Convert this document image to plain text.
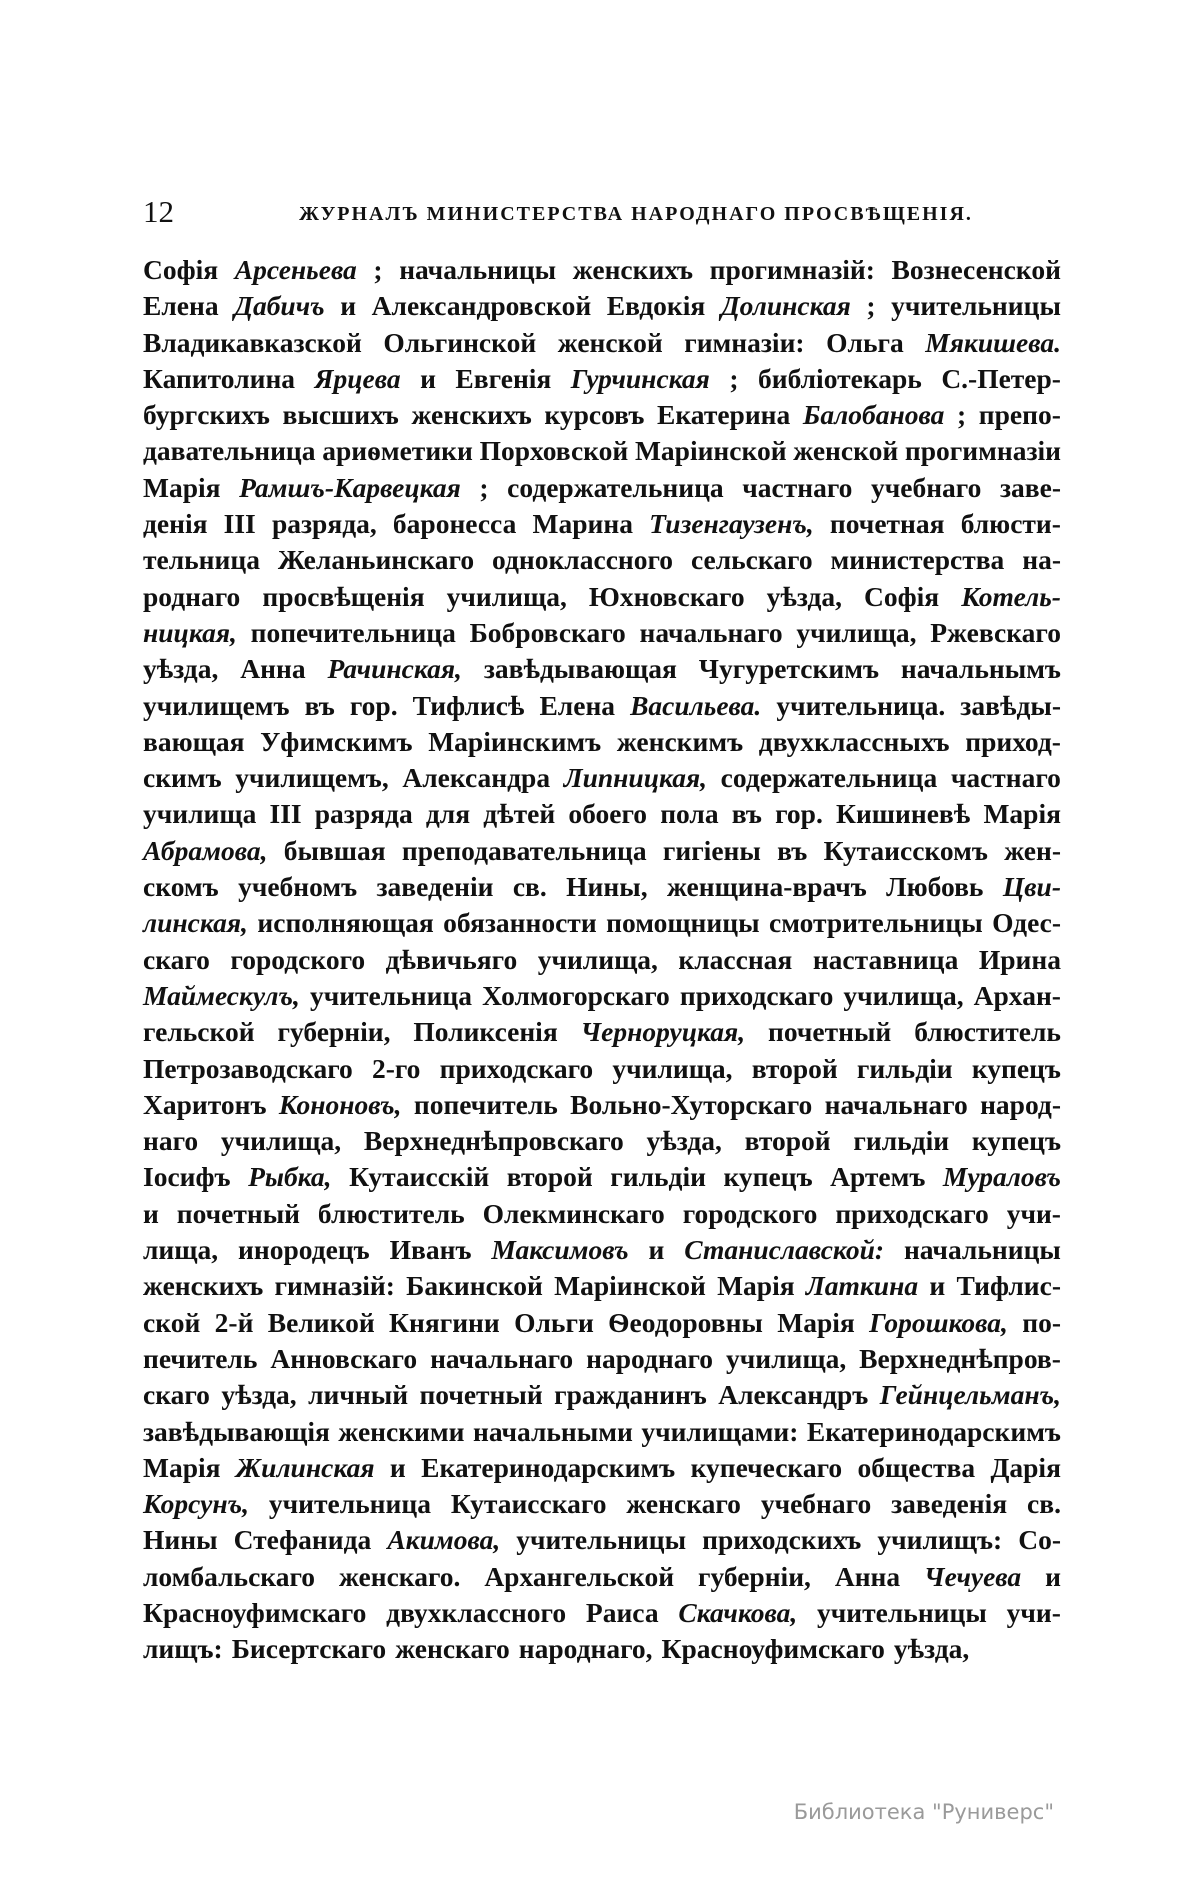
12	ЖУРНАЛЪ МИНИСТЕРСТВА НАРОДНАГО ПРОСВѢЩЕНІЯ.
Софія Арсеньева ; начальницы женскихъ прогимназій: Вознесенской
Елена Дабичъ и Александровской Евдокія Долинская ; учительницы
Владикавказской Ольгинской женской гимназіи: Ольга Мякишева.
Капитолина Ярцева и Евгенія Гурчинская ; библіотекарь С.-Петер-
бургскихъ высшихъ женскихъ курсовъ Екатерина Балобанова ; препо-
давательница ариѳметики Порховской Маріинской женской прогимназіи
Марія Рамшъ-Карвецкая ; содержательница частнаго учебнаго заве-
денія III разряда, баронесса Марина Тизенгаузенъ, почетная блюсти-
тельница Желаньинскаго одноклассного сельскаго министерства на-
роднаго просвѣщенія училища, Юхновскаго уѣзда, Софія Котель-
ницкая, попечительница Бобровскаго начальнаго училища, Ржевскаго
уѣзда, Анна Рачинская, завѣдывающая Чугуретскимъ начальнымъ
училищемъ въ гор. Тифлисѣ Елена Васильева. учительница. завѣды-
вающая Уфимскимъ Маріинскимъ женскимъ двухклассныхъ приход-
скимъ училищемъ, Александра Липницкая, содержательница частнаго
училища III разряда для дѣтей обоего пола въ гор. Кишиневѣ Марія
Абрамова, бывшая преподавательница гигіены въ Кутаисскомъ жен-
скомъ учебномъ заведеніи св. Нины, женщина-врачъ Любовь Цви-
линская, исполняющая обязанности помощницы смотрительницы Одес-
скаго городского дѣвичьяго училища, классная наставница Ирина
Маймескулъ, учительница Холмогорскаго приходскаго училища, Архан-
гельской губерніи, Поликсенія Черноруцкая, почетный блюститель
Петрозаводскаго 2-го приходскаго училища, второй гильдіи купецъ
Харитонъ Кононовъ, попечитель Вольно-Хуторскаго начальнаго народ-
наго училища, Верхнеднѣпровскаго уѣзда, второй гильдіи купецъ
Іосифъ Рыбка, Кутаисскій второй гильдіи купецъ Артемъ Мураловъ
и почетный блюститель Олекминскаго городского приходскаго учи-
лища, инородецъ Иванъ Максимовъ и Станиславской: начальницы
женскихъ гимназій: Бакинской Маріинской Марія Латкина и Тифлис-
ской 2-й Великой Княгини Ольги Ѳеодоровны Марія Горошкова, по-
печитель Анновскаго начальнаго народнаго училища, Верхнеднѣпров-
скаго уѣзда, личный почетный гражданинъ Александръ Гейнцельманъ,
завѣдывающія женскими начальными училищами: Екатеринодарскимъ
Марія Жилинская и Екатеринодарскимъ купеческаго общества Дарія
Корсунъ, учительница Кутаисскаго женскаго учебнаго заведенія св.
Нины Стефанида Акимова, учительницы приходскихъ училищъ: Со-
ломбальскаго женскаго. Архангельской губерніи, Анна Чечуева и
Красноуфимскаго двухклассного Раиса Скачкова, учительницы учи-
лищъ: Бисертскаго женскаго народнаго, Красноуфимскаго уѣзда,
Библиотека "Руниверс"
